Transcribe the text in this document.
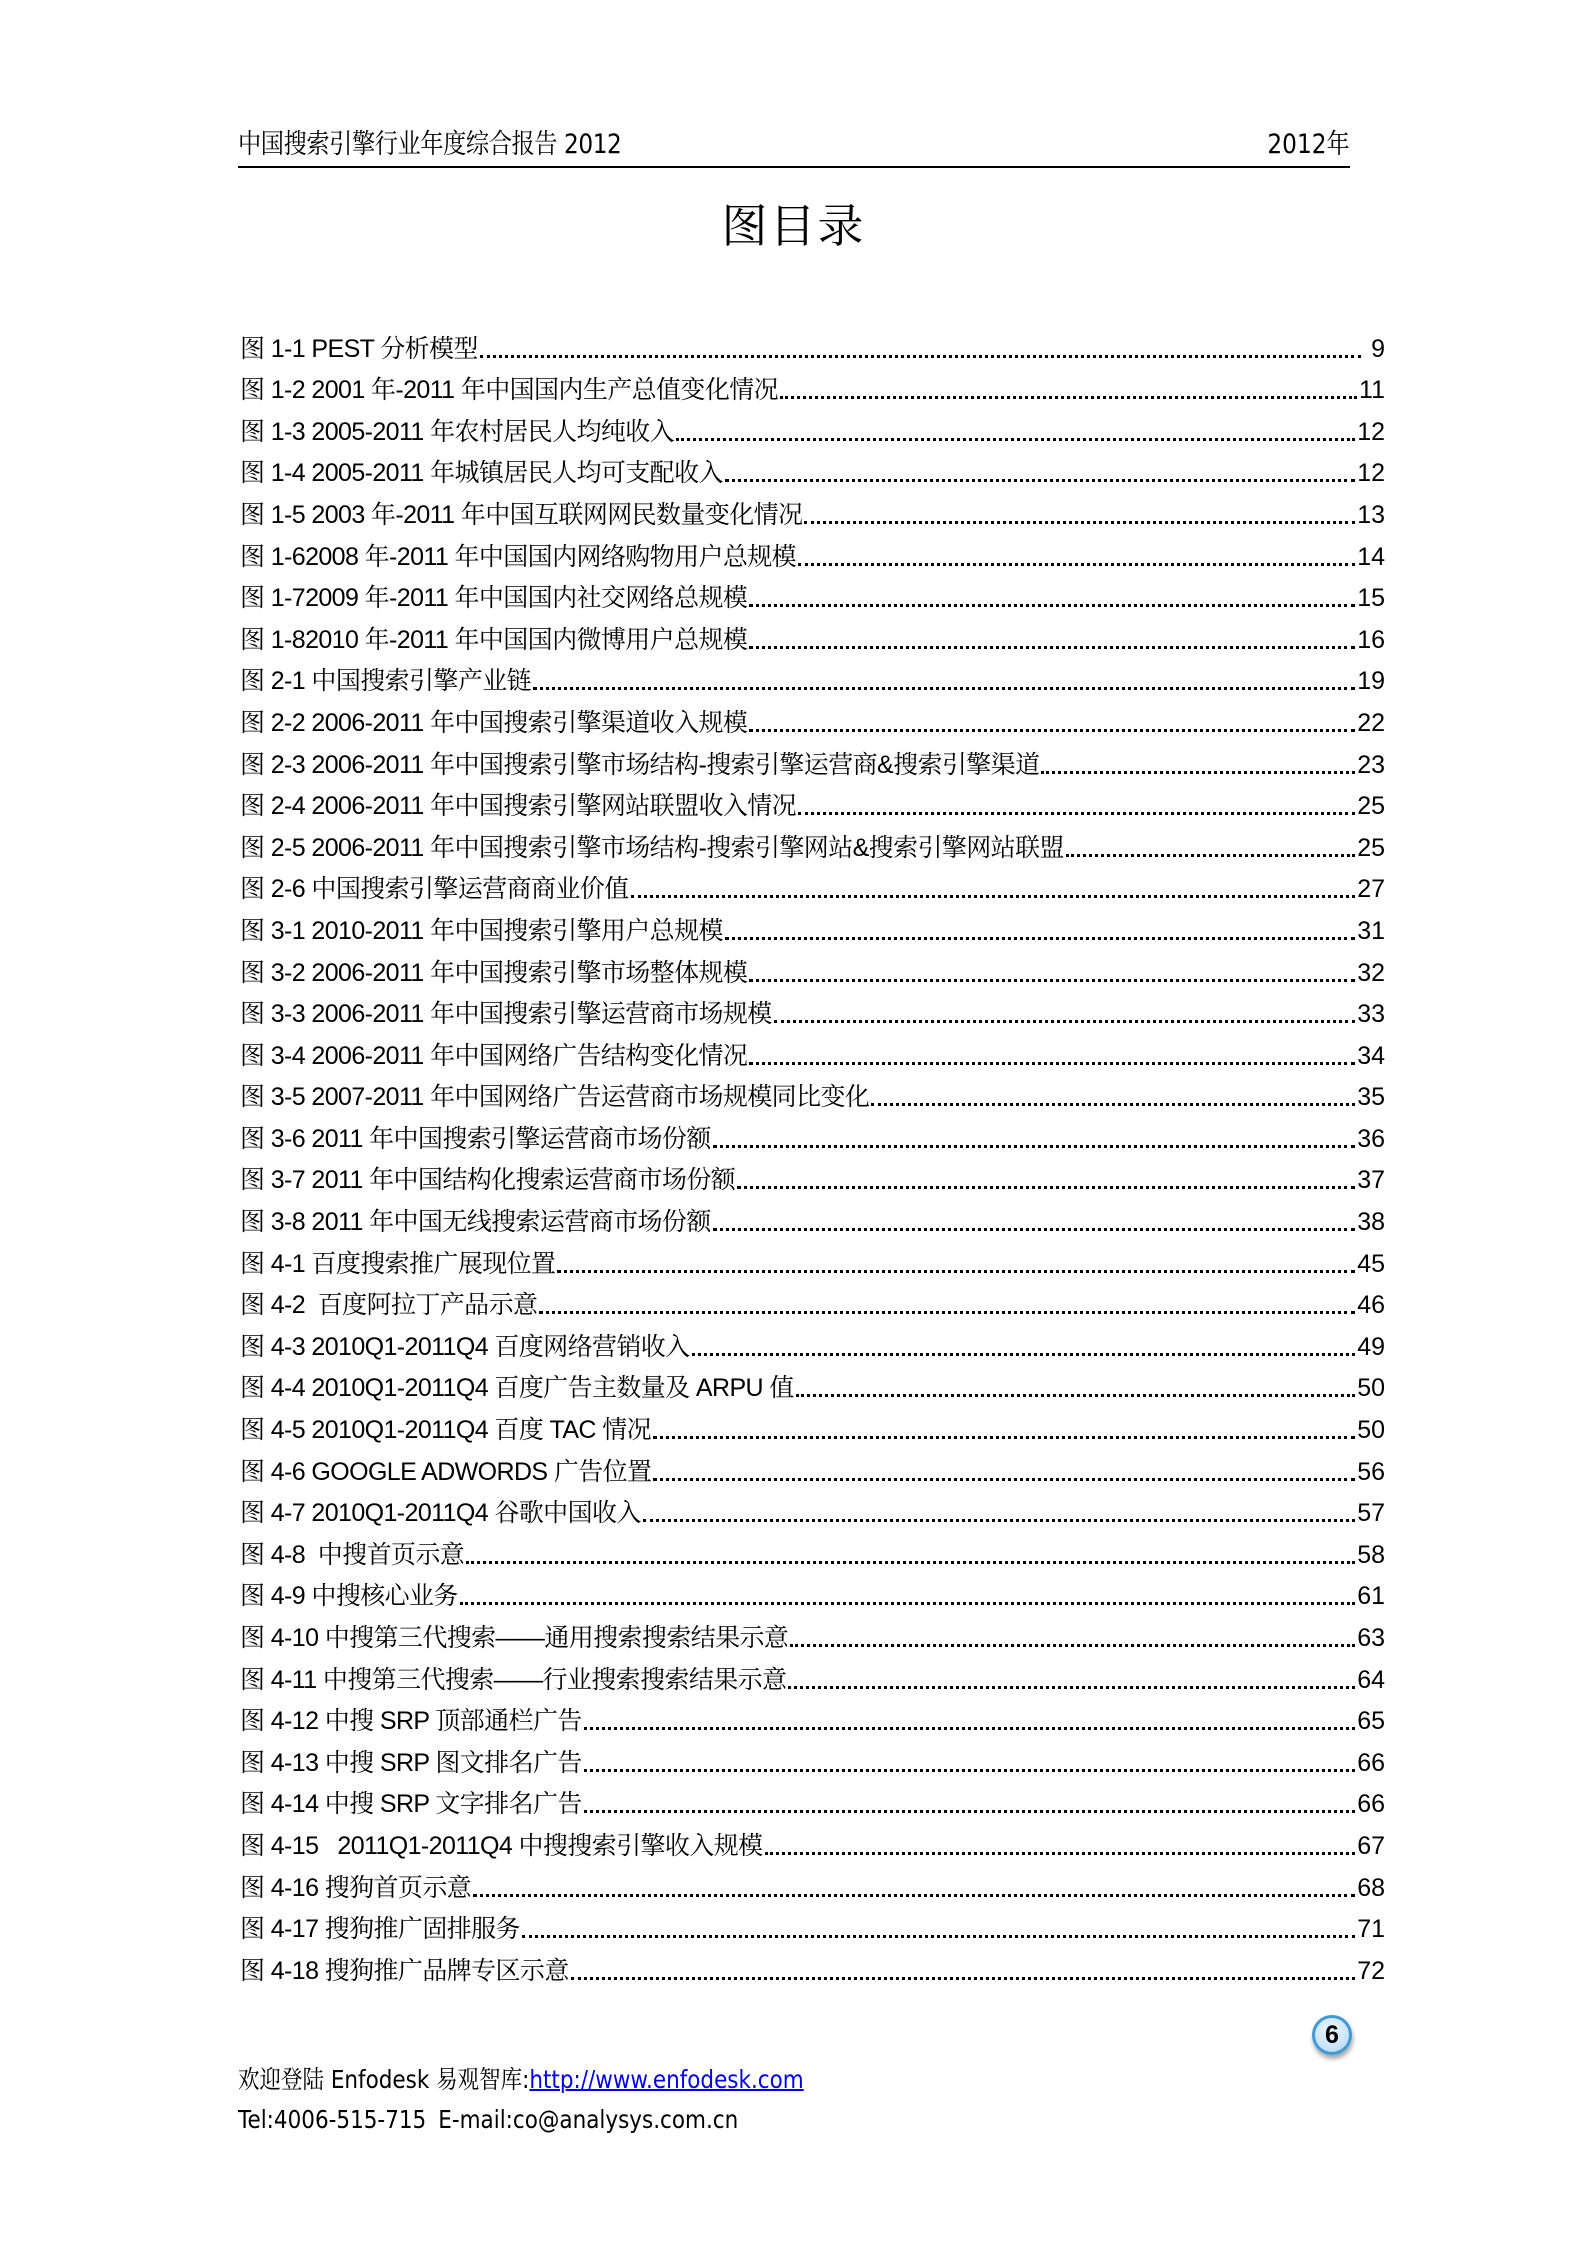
中国搜索引擎行业年度综合报告 2012	2012年
图目录
图 1-1 PEST 分析模型	9
图 1-2 2001 年-2011 年中国国内生产总值变化情况	11
图 1-3 2005-2011 年农村居民人均纯收入	12
图 1-4 2005-2011 年城镇居民人均可支配收入	12
图 1-5 2003 年-2011 年中国互联网网民数量变化情况	13
图 1-62008 年-2011 年中国国内网络购物用户总规模	14
图 1-72009 年-2011 年中国国内社交网络总规模	15
图 1-82010 年-2011 年中国国内微博用户总规模	16
图 2-1 中国搜索引擎产业链	19
图 2-2 2006-2011 年中国搜索引擎渠道收入规模	22
图 2-3 2006-2011 年中国搜索引擎市场结构-搜索引擎运营商&搜索引擎渠道	23
图 2-4 2006-2011 年中国搜索引擎网站联盟收入情况	25
图 2-5 2006-2011 年中国搜索引擎市场结构-搜索引擎网站&搜索引擎网站联盟	25
图 2-6 中国搜索引擎运营商商业价值	27
图 3-1 2010-2011 年中国搜索引擎用户总规模	31
图 3-2 2006-2011 年中国搜索引擎市场整体规模	32
图 3-3 2006-2011 年中国搜索引擎运营商市场规模	33
图 3-4 2006-2011 年中国网络广告结构变化情况	34
图 3-5 2007-2011 年中国网络广告运营商市场规模同比变化	35
图 3-6 2011 年中国搜索引擎运营商市场份额	36
图 3-7 2011 年中国结构化搜索运营商市场份额	37
图 3-8 2011 年中国无线搜索运营商市场份额	38
图 4-1 百度搜索推广展现位置	45
图 4-2  百度阿拉丁产品示意	46
图 4-3 2010Q1-2011Q4 百度网络营销收入	49
图 4-4 2010Q1-2011Q4 百度广告主数量及 ARPU 值	50
图 4-5 2010Q1-2011Q4 百度 TAC 情况	50
图 4-6 GOOGLE ADWORDS 广告位置	56
图 4-7 2010Q1-2011Q4 谷歌中国收入	57
图 4-8  中搜首页示意	58
图 4-9 中搜核心业务	61
图 4-10 中搜第三代搜索——通用搜索搜索结果示意	63
图 4-11 中搜第三代搜索——行业搜索搜索结果示意	64
图 4-12 中搜 SRP 顶部通栏广告	65
图 4-13 中搜 SRP 图文排名广告	66
图 4-14 中搜 SRP 文字排名广告	66
图 4-15   2011Q1-2011Q4 中搜搜索引擎收入规模	67
图 4-16 搜狗首页示意	68
图 4-17 搜狗推广固排服务	71
图 4-18 搜狗推广品牌专区示意	72
6
欢迎登陆 Enfodesk 易观智库:http://www.enfodesk.com
Tel:4006-515-715 E-mail:co@analysys.com.cn
